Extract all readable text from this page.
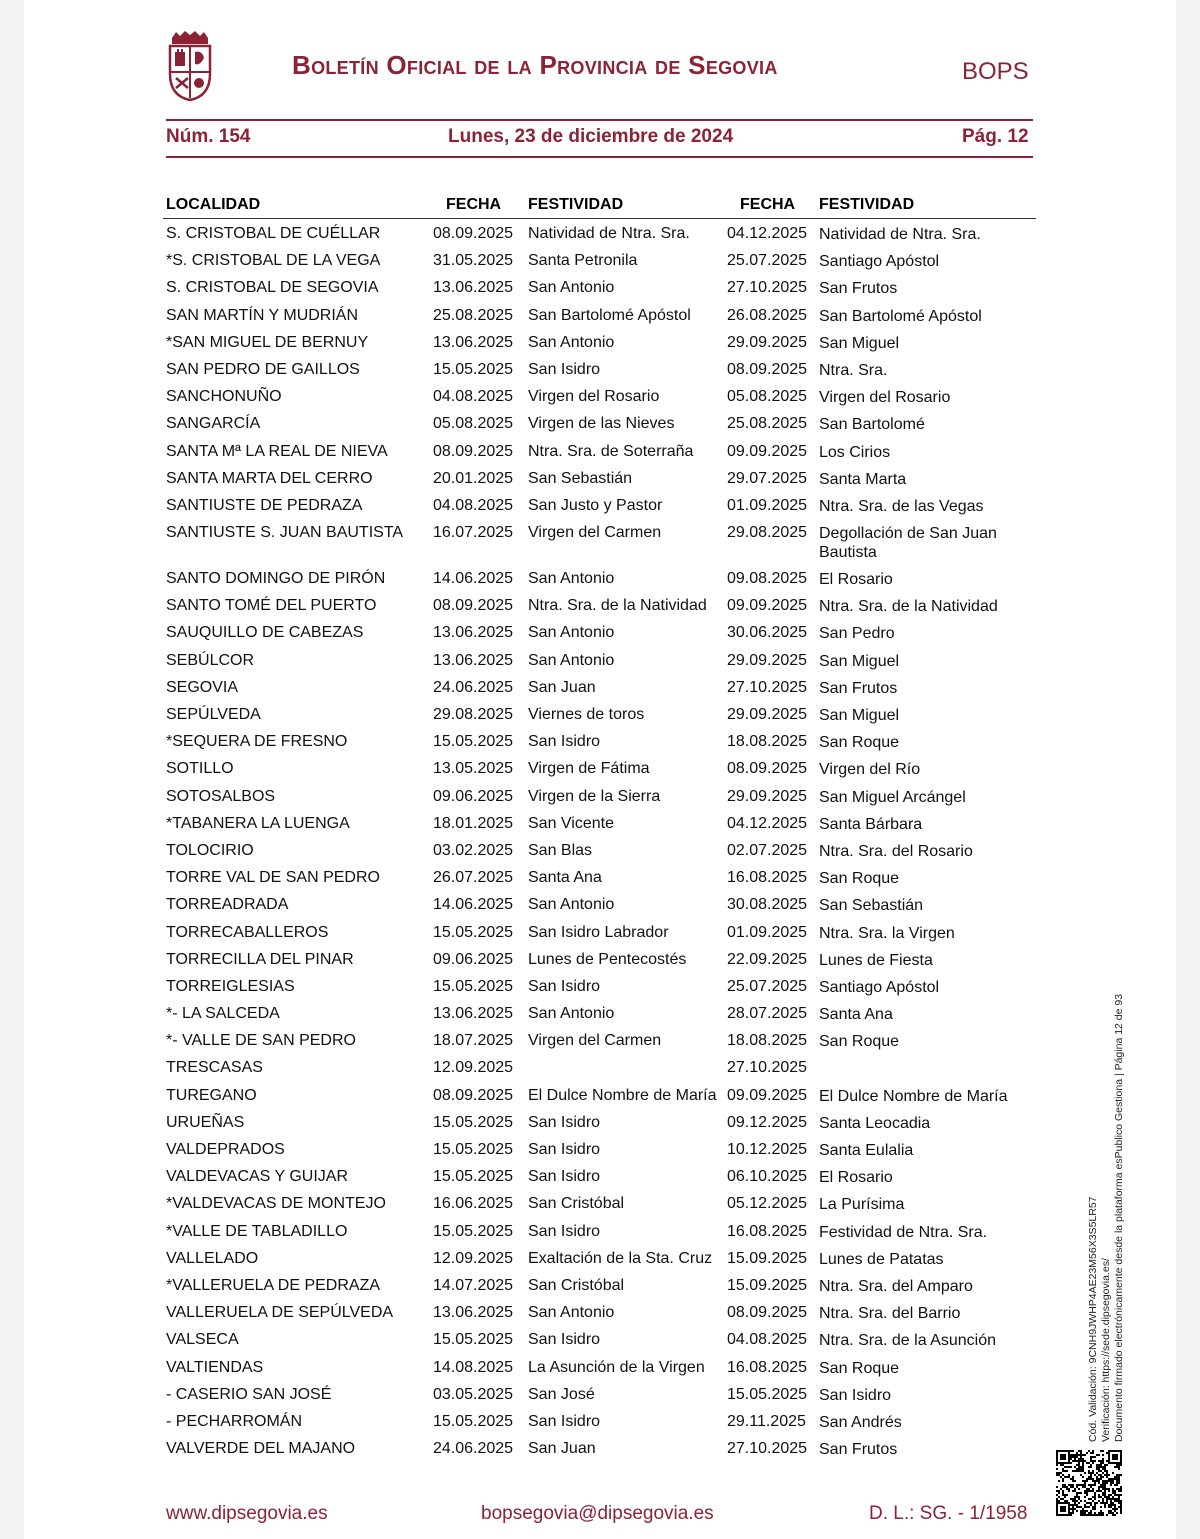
Boletín Oficial de la Provincia de Segovia	BOPS
Núm. 154	Lunes, 23 de diciembre de 2024	Pág. 12
LOCALIDAD	FECHA FESTIVIDAD	FECHA FESTIVIDAD
S. CRISTOBAL DE CUÉLLAR	08.09.2025 Natividad de Ntra. Sra. 04.12.2025 Natividad de Ntra. Sra.
*S. CRISTOBAL DE LA VEGA	31.05.2025 Santa Petronila	25.07.2025 Santiago Apóstol
S. CRISTOBAL DE SEGOVIA	13.06.2025 San Antonio	27.10.2025 San Frutos
SAN MARTÍN Y MUDRIÁN	25.08.2025 San Bartolomé Apóstol 26.08.2025 San Bartolomé Apóstol
*SAN MIGUEL DE BERNUY	13.06.2025 San Antonio	29.09.2025 San Miguel
SAN PEDRO DE GAILLOS	15.05.2025 San Isidro	08.09.2025 Ntra. Sra.
SANCHONUÑO	04.08.2025 Virgen del Rosario	05.08.2025 Virgen del Rosario
SANGARCÍA	05.08.2025 Virgen de las Nieves	25.08.2025 San Bartolomé
SANTA Mª LA REAL DE NIEVA	08.09.2025 Ntra. Sra. de Soterraña 09.09.2025 Los Cirios
SANTA MARTA DEL CERRO	20.01.2025 San Sebastián	29.07.2025 Santa Marta
SANTIUSTE DE PEDRAZA	04.08.2025 San Justo y Pastor	01.09.2025 Ntra. Sra. de las Vegas
SANTIUSTE S. JUAN BAUTISTA 16.07.2025 Virgen del Carmen	29.08.2025 Degollación de San Juan Bautista
SANTO DOMINGO DE PIRÓN	14.06.2025 San Antonio	09.08.2025 El Rosario
SANTO TOMÉ DEL PUERTO	08.09.2025 Ntra. Sra. de la Natividad 09.09.2025 Ntra. Sra. de la Natividad
SAUQUILLO DE CABEZAS	13.06.2025 San Antonio	30.06.2025 San Pedro
SEBÚLCOR	13.06.2025 San Antonio	29.09.2025 San Miguel
SEGOVIA	24.06.2025 San Juan	27.10.2025 San Frutos
SEPÚLVEDA	29.08.2025 Viernes de toros	29.09.2025 San Miguel
*SEQUERA DE FRESNO	15.05.2025 San Isidro	18.08.2025 San Roque
SOTILLO	13.05.2025 Virgen de Fátima	08.09.2025 Virgen del Río
SOTOSALBOS	09.06.2025 Virgen de la Sierra	29.09.2025 San Miguel Arcángel
*TABANERA LA LUENGA	18.01.2025 San Vicente	04.12.2025 Santa Bárbara
TOLOCIRIO	03.02.2025 San Blas	02.07.2025 Ntra. Sra. del Rosario
TORRE VAL DE SAN PEDRO	26.07.2025 Santa Ana	16.08.2025 San Roque
TORREADRADA	14.06.2025 San Antonio	30.08.2025 San Sebastián
TORRECABALLEROS	15.05.2025 San Isidro Labrador	01.09.2025 Ntra. Sra. la Virgen
TORRECILLA DEL PINAR	09.06.2025 Lunes de Pentecostés	22.09.2025 Lunes de Fiesta
TORREIGLESIAS	15.05.2025 San Isidro	25.07.2025 Santiago Apóstol
*- LA SALCEDA	13.06.2025 San Antonio	28.07.2025 Santa Ana
*- VALLE DE SAN PEDRO	18.07.2025 Virgen del Carmen	18.08.2025 San Roque
TRESCASAS	12.09.2025	27.10.2025
TUREGANO	08.09.2025 El Dulce Nombre de María 09.09.2025 El Dulce Nombre de María
URUEÑAS	15.05.2025 San Isidro	09.12.2025 Santa Leocadia
VALDEPRADOS	15.05.2025 San Isidro	10.12.2025 Santa Eulalia
VALDEVACAS Y GUIJAR	15.05.2025 San Isidro	06.10.2025 El Rosario
*VALDEVACAS DE MONTEJO	16.06.2025 San Cristóbal	05.12.2025 La Purísima
*VALLE DE TABLADILLO	15.05.2025 San Isidro	16.08.2025 Festividad de Ntra. Sra.
VALLELADO	12.09.2025 Exaltación de la Sta. Cruz 15.09.2025 Lunes de Patatas
*VALLERUELA DE PEDRAZA	14.07.2025 San Cristóbal	15.09.2025 Ntra. Sra. del Amparo
VALLERUELA DE SEPÚLVEDA 13.06.2025 San Antonio	08.09.2025 Ntra. Sra. del Barrio
VALSECA	15.05.2025 San Isidro	04.08.2025 Ntra. Sra. de la Asunción
VALTIENDAS	14.08.2025 La Asunción de la Virgen 16.08.2025 San Roque
- CASERIO SAN JOSÉ	03.05.2025 San José	15.05.2025 San Isidro
- PECHARROMÁN	15.05.2025 San Isidro	29.11.2025 San Andrés
VALVERDE DEL MAJANO	24.06.2025 San Juan	27.10.2025 San Frutos
Cód. Validación: 9CNH9JWHP4AE23M56X3S5LR57 Verificación: https://sede.dipsegovia.es/ Documento firmado electrónicamente desde la plataforma esPublico Gestiona | Página 12 de 93
www.dipsegovia.es	bopsegovia@dipsegovia.es	D. L.: SG. - 1/1958
